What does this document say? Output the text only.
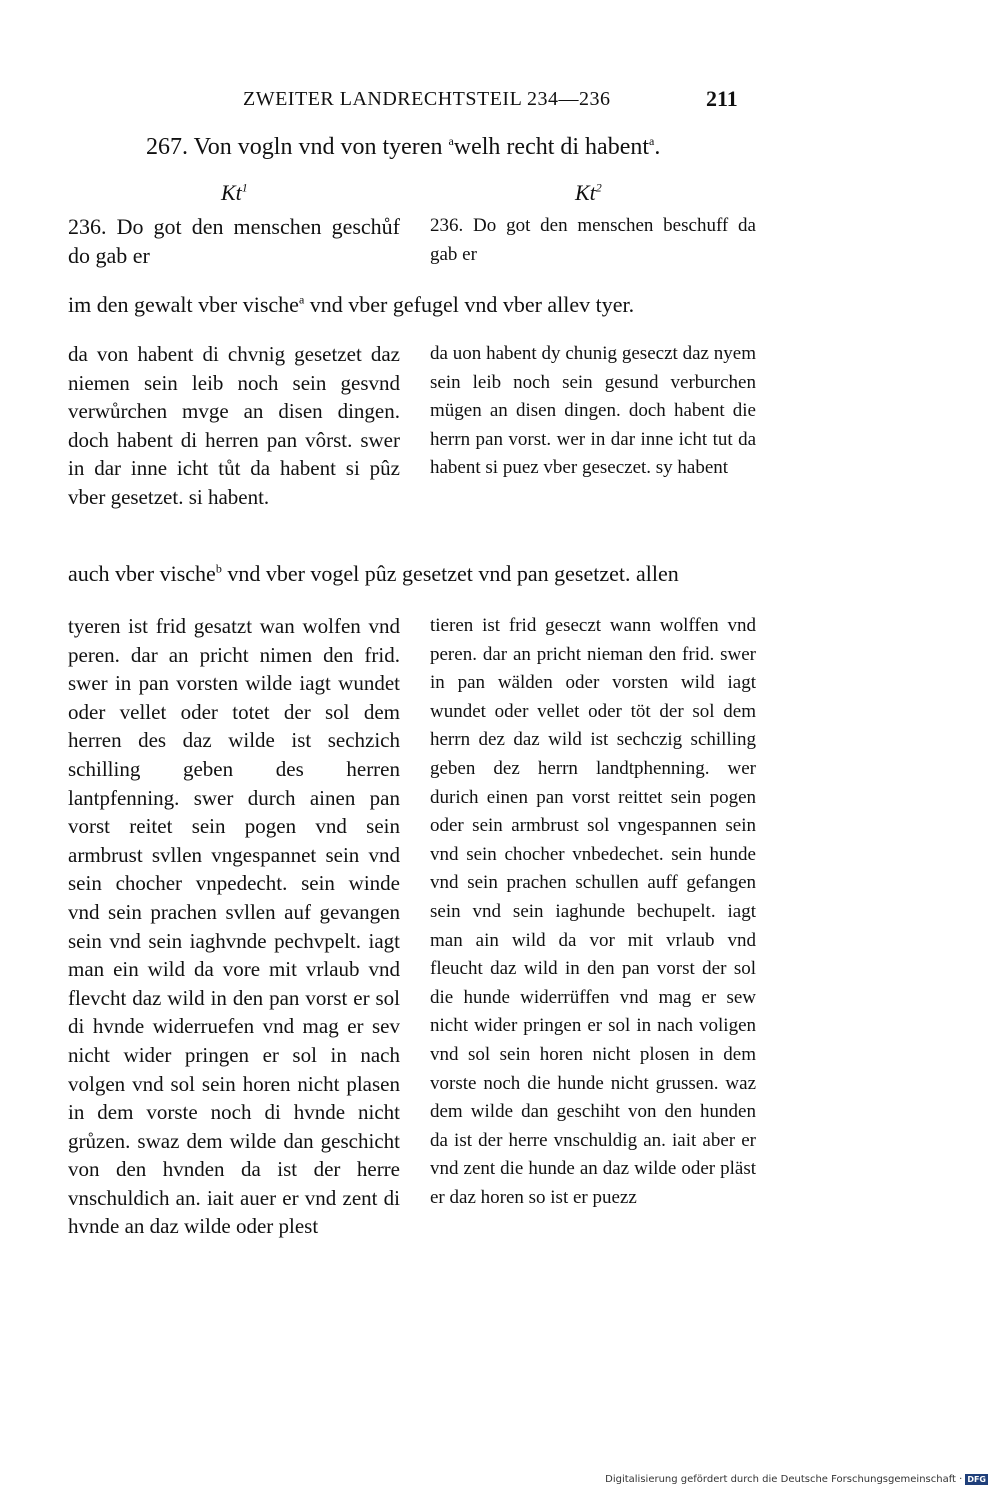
ZWEITER LANDRECHTSTEIL 234—236	211
267. Von vogln vnd von tyeren $^a$welh recht di habent$^a$.
Kt$^1$	Kt$^2$
236. Do got den menschen geschůf do gab er
236. Do got den menschen beschuff da gab er
im den gewalt vber vische$^a$ vnd vber gefugel vnd vber allev tyer.
da von habent di chvnig gesetzet daz niemen sein leib noch sein gesvnd verwůrchen mvge an disen dingen. doch habent di herren pan vôrst. swer in dar inne icht tůt da habent si pûz vber gesetzet. si habent.
da uon habent dy chunig geseczt daz nyem sein leib noch sein gesund verburchen mügen an disen dingen. doch habent die herrn pan vorst. wer in dar inne icht tut da habent si puez vber geseczet. sy habent
auch vber vische$^b$ vnd vber vogel pûz gesetzet vnd pan gesetzet. allen
tyeren ist frid gesatzt wan wolfen vnd peren. dar an pricht nimen den frid. swer in pan vorsten wilde iagt wundet oder vellet oder totet der sol dem herren des daz wilde ist sechzich schilling geben des herren lantpfenning. swer durch ainen pan vorst reitet sein pogen vnd sein armbrust svllen vngespannet sein vnd sein chocher vnpedecht. sein winde vnd sein prachen svllen auf gevangen sein vnd sein iaghvnde pechvpelt. iagt man ein wild da vore mit vrlaub vnd flevcht daz wild in den pan vorst er sol di hvnde widerruefen vnd mag er sev nicht wider pringen er sol in nach volgen vnd sol sein horen nicht plasen in dem vorste noch di hvnde nicht grůzen. swaz dem wilde dan geschicht von den hvnden da ist der herre vnschuldich an. iait auer er vnd zent di hvnde an daz wilde oder plest
tieren ist frid geseczt wann wolffen vnd peren. dar an pricht nieman den frid. swer in pan wälden oder vorsten wild iagt wundet oder vellet oder töt der sol dem herrn dez daz wild ist sechczig schilling geben dez herrn landtphenning. wer durich einen pan vorst reittet sein pogen oder sein armbrust sol vngespannen sein vnd sein chocher vnbedechet. sein hunde vnd sein prachen schullen auff gefangen sein vnd sein iaghunde bechupelt. iagt man ain wild da vor mit vrlaub vnd fleucht daz wild in den pan vorst der sol die hunde widerrüffen vnd mag er sew nicht wider pringen er sol in nach voligen vnd sol sein horen nicht plosen in dem vorste noch die hunde nicht grussen. waz dem wilde dan geschiht von den hunden da ist der herre vnschuldig an. iait aber er vnd zent die hunde an daz wilde oder pläst er daz horen so ist er puezz
Digitalisierung gefördert durch die Deutsche Forschungsgemeinschaft · DFG
